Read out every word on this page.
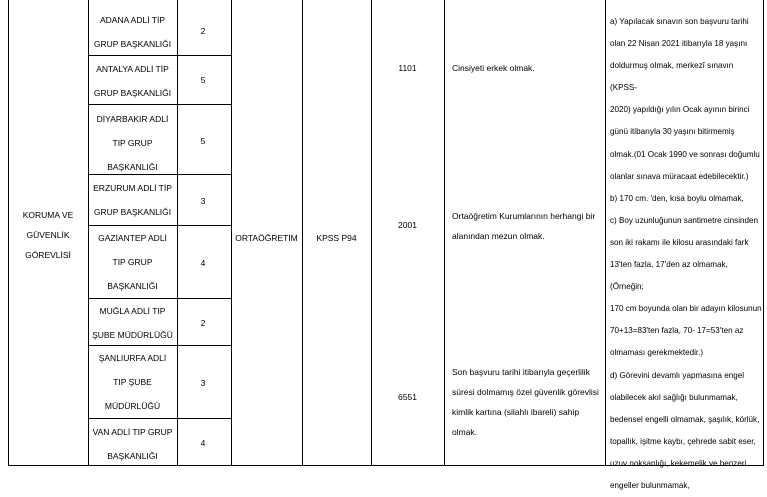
KORUMA VE
GÜVENLİK
GÖREVLİSİ
ADANA ADLİ TİP
GRUP BAŞKANLIĞI
2
ANTALYA ADLİ TİP
GRUP BAŞKANLIĞI
5
DİYARBAKIR ADLİ
TIP GRUP
BAŞKANLIĞI
5
ERZURUM ADLİ TİP
GRUP BAŞKANLIĞI
3
GAZİANTEP ADLİ
TIP GRUP
BAŞKANLIĞI
4
MUĞLA ADLİ TIP
ŞUBE MÜDÜRLÜĞÜ
2
ŞANLIURFA ADLİ
TIP ŞUBE
MÜDÜRLÜĞÜ
3
VAN ADLİ TIP GRUP
BAŞKANLIĞI
4
ORTAÖĞRETİM	KPSS P94
1101
2001
6551
Cinsiyeti erkek olmak.
Ortaöğretim Kurumlarının herhangi bir
alanından mezun olmak.
Son başvuru tarihi itibarıyla geçerlilik
süresi dolmamış özel güvenlik görevlisi
kimlik kartına (silahlı ibareli) sahip olmak.
a) Yapılacak sınavın son başvuru tarihi
olan 22 Nisan 2021 itibarıyla 18 yaşını
doldurmuş olmak, merkezî sınavın (KPSS-
2020) yapıldığı yılın Ocak ayının birinci
günü itibarıyla 30 yaşını bitirmemiş
olmak.(01 Ocak 1990 ve sonrası doğumlu
olanlar sınava müracaat edebilecektir.)
b) 170 cm. 'den, kısa boylu olmamak,
c) Boy uzunluğunun santimetre cinsinden
son iki rakamı ile kilosu arasındaki fark
13'ten fazla, 17'den az olmamak, (Örneğin;
170 cm boyunda olan bir adayın kilosunun
70+13=83'ten fazla, 70- 17=53'ten az
olmaması gerekmektedir.)
d) Görevini devamlı yapmasına engel
olabilecek akıl sağlığı bulunmamak,
bedensel engelli olmamak, şaşılık, körlük,
topallık, işitme kaybı, çehrede sabit eser,
uzuv noksanlığı, kekemelik ve benzeri
engeller bulunmamak,
